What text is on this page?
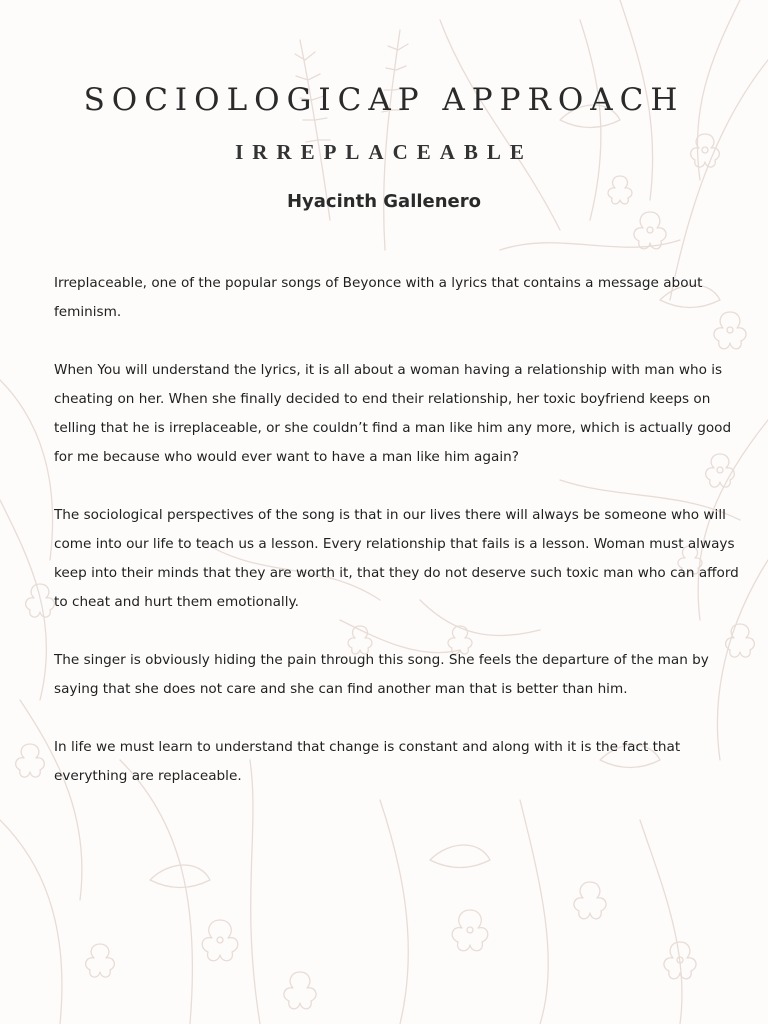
SOCIOLOGICAP APPROACH
IRREPLACEABLE
Hyacinth Gallenero

Irreplaceable, one of the popular songs of Beyonce with a lyrics that contains a message about feminism.

When You will understand the lyrics, it is all about a woman having a relationship with man who is cheating on her. When she finally decided to end their relationship, her toxic boyfriend keeps on telling that he is irreplaceable, or she couldn’t find a man like him any more, which is actually good for me because who would ever want to have a man like him again?

The sociological perspectives of the song is that in our lives there will always be someone who will come into our life to teach us a lesson. Every relationship that fails is a lesson. Woman must always keep into their minds that they are worth it, that they do not deserve such toxic man who can afford to cheat and hurt them emotionally.

The singer is obviously hiding the pain through this song. She feels the departure of the man by saying that she does not care and she can find another man that is better than him.

In life we must learn to understand that change is constant and along with it is the fact that everything are replaceable.
